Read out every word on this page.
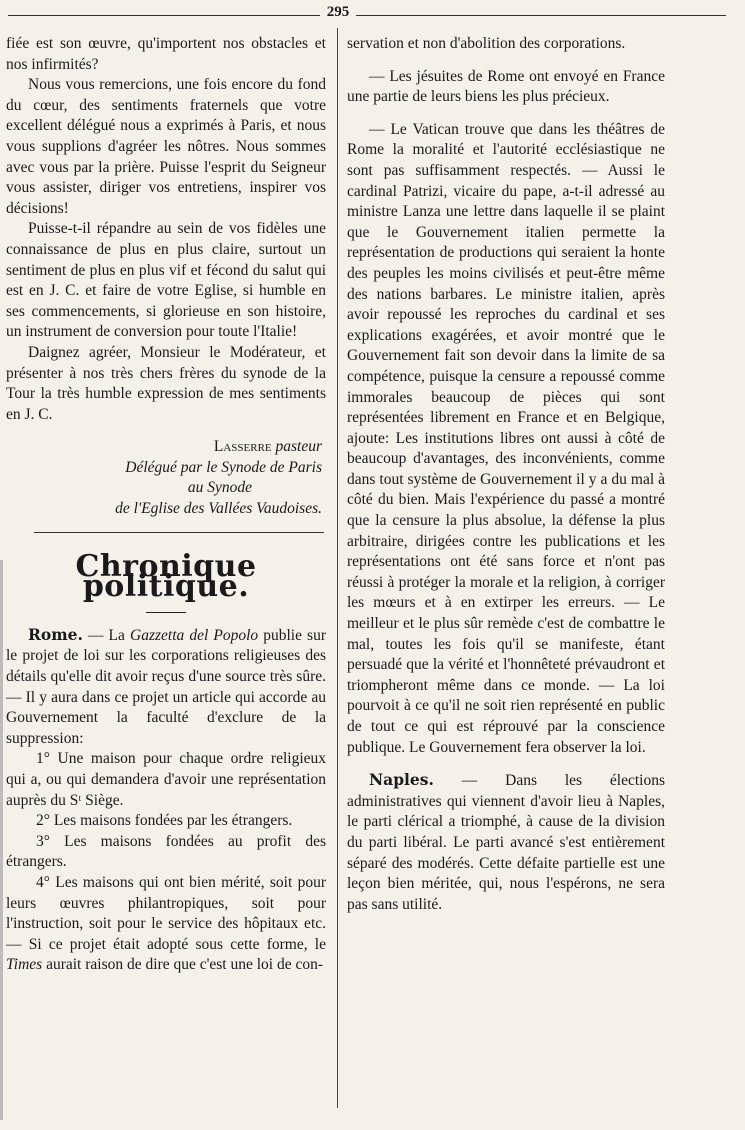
295

fiée est son œuvre, qu'importent nos obstacles et nos infirmités?

Nous vous remercions, une fois encore du fond du cœur, des sentiments fraternels que votre excellent délégué nous a exprimés à Paris, et nous vous supplions d'agréer les nôtres. Nous sommes avec vous par la prière. Puisse l'esprit du Seigneur vous assister, diriger vos entretiens, inspirer vos décisions!

Puisse-t-il répandre au sein de vos fidèles une connaissance de plus en plus claire, surtout un sentiment de plus en plus vif et fécond du salut qui est en J. C. et faire de votre Eglise, si humble en ses commencements, si glorieuse en son histoire, un instrument de conversion pour toute l'Italie!

Daignez agréer, Monsieur le Modérateur, et présenter à nos très chers frères du synode de la Tour la très humble expression de mes sentiments en J. C.

Lasserre pasteur

Délégué par le Synode de Paris

au Synode

de l'Eglise des Vallées Vaudoises.

Chronique politique.

Rome. — La Gazzetta del Popolo publie sur le projet de loi sur les corporations religieuses des détails qu'elle dit avoir reçus d'une source très sûre. — Il y aura dans ce projet un article qui accorde au Gouvernement la faculté d'exclure de la suppression:

1° Une maison pour chaque ordre religieux qui a, ou qui demandera d'avoir une représentation auprès du Sᵗ Siège.

2° Les maisons fondées par les étrangers.

3° Les maisons fondées au profit des étrangers.

4° Les maisons qui ont bien mérité, soit pour leurs œuvres philantropiques, soit pour l'instruction, soit pour le service des hôpitaux etc. — Si ce projet était adopté sous cette forme, le Times aurait raison de dire que c'est une loi de con-

servation et non d'abolition des corporations.

— Les jésuites de Rome ont envoyé en France une partie de leurs biens les plus précieux.

— Le Vatican trouve que dans les théâtres de Rome la moralité et l'autorité ecclésiastique ne sont pas suffisamment respectés. — Aussi le cardinal Patrizi, vicaire du pape, a-t-il adressé au ministre Lanza une lettre dans laquelle il se plaint que le Gouvernement italien permette la représentation de productions qui seraient la honte des peuples les moins civilisés et peut-être même des nations barbares. Le ministre italien, après avoir repoussé les reproches du cardinal et ses explications exagérées, et avoir montré que le Gouvernement fait son devoir dans la limite de sa compétence, puisque la censure a repoussé comme immorales beaucoup de pièces qui sont représentées librement en France et en Belgique, ajoute: Les institutions libres ont aussi à côté de beaucoup d'avantages, des inconvénients, comme dans tout système de Gouvernement il y a du mal à côté du bien. Mais l'expérience du passé a montré que la censure la plus absolue, la défense la plus arbitraire, dirigées contre les publications et les représentations ont été sans force et n'ont pas réussi à protéger la morale et la religion, à corriger les mœurs et à en extirper les erreurs. — Le meilleur et le plus sûr remède c'est de combattre le mal, toutes les fois qu'il se manifeste, étant persuadé que la vérité et l'honnêteté prévaudront et triompheront même dans ce monde. — La loi pourvoit à ce qu'il ne soit rien représenté en public de tout ce qui est réprouvé par la conscience publique. Le Gouvernement fera observer la loi.

Naples. — Dans les élections administratives qui viennent d'avoir lieu à Naples, le parti clérical a triomphé, à cause de la division du parti libéral. Le parti avancé s'est entièrement séparé des modérés. Cette défaite partielle est une leçon bien méritée, qui, nous l'espérons, ne sera pas sans utilité.
